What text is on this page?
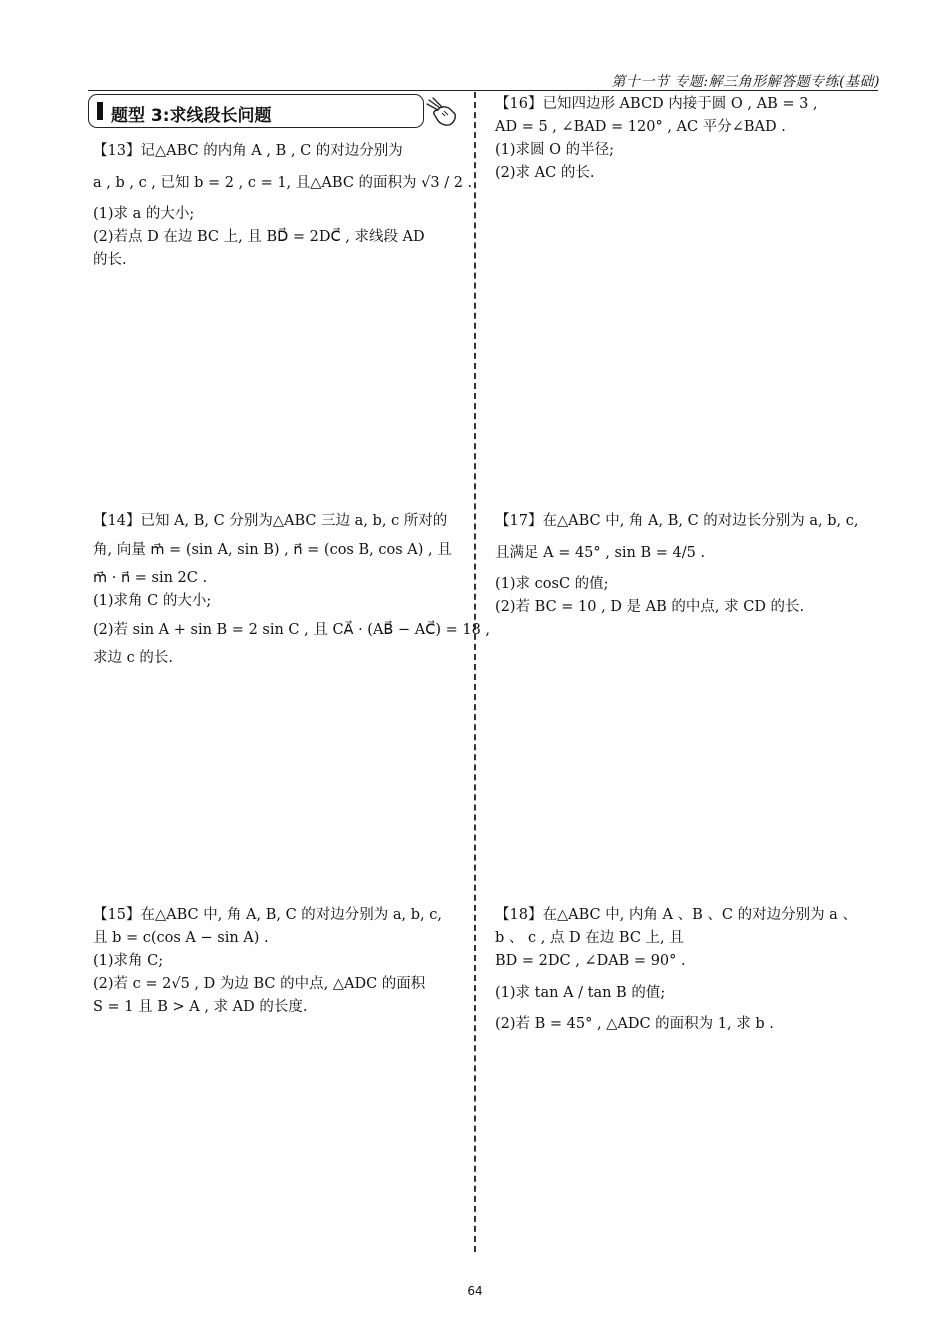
第十一节 专题:解三角形解答题专练(基础)
题型 3:求线段长问题
【13】记△ABC 的内角 A , B , C 的对边分别为
a , b , c , 已知 b = 2 , c = 1, 且△ABC 的面积为 √3 / 2 .
(1)求 a 的大小;
(2)若点 D 在边 BC 上, 且 BD⃗ = 2DC⃗ , 求线段 AD
的长.
【14】已知 A, B, C 分别为△ABC 三边 a, b, c 所对的
角, 向量 m⃗ = (sin A, sin B) , n⃗ = (cos B, cos A) , 且
m⃗ · n⃗ = sin 2C .
(1)求角 C 的大小;
(2)若 sin A + sin B = 2 sin C , 且 CA⃗ · (AB⃗ − AC⃗) = 18 ,
求边 c 的长.
【15】在△ABC 中, 角 A, B, C 的对边分别为 a, b, c,
且 b = c(cos A − sin A) .
(1)求角 C;
(2)若 c = 2√5 , D 为边 BC 的中点, △ADC 的面积
S = 1 且 B > A , 求 AD 的长度.
【16】已知四边形 ABCD 内接于圆 O , AB = 3 ,
AD = 5 , ∠BAD = 120° , AC 平分∠BAD .
(1)求圆 O 的半径;
(2)求 AC 的长.
【17】在△ABC 中, 角 A, B, C 的对边长分别为 a, b, c,
且满足 A = 45° , sin B = 4/5 .
(1)求 cosC 的值;
(2)若 BC = 10 , D 是 AB 的中点, 求 CD 的长.
【18】在△ABC 中, 内角 A 、B 、C 的对边分别为 a 、
b 、 c , 点 D 在边 BC 上, 且
BD = 2DC , ∠DAB = 90° .
(1)求 tan A / tan B 的值;
(2)若 B = 45° , △ADC 的面积为 1, 求 b .
64
